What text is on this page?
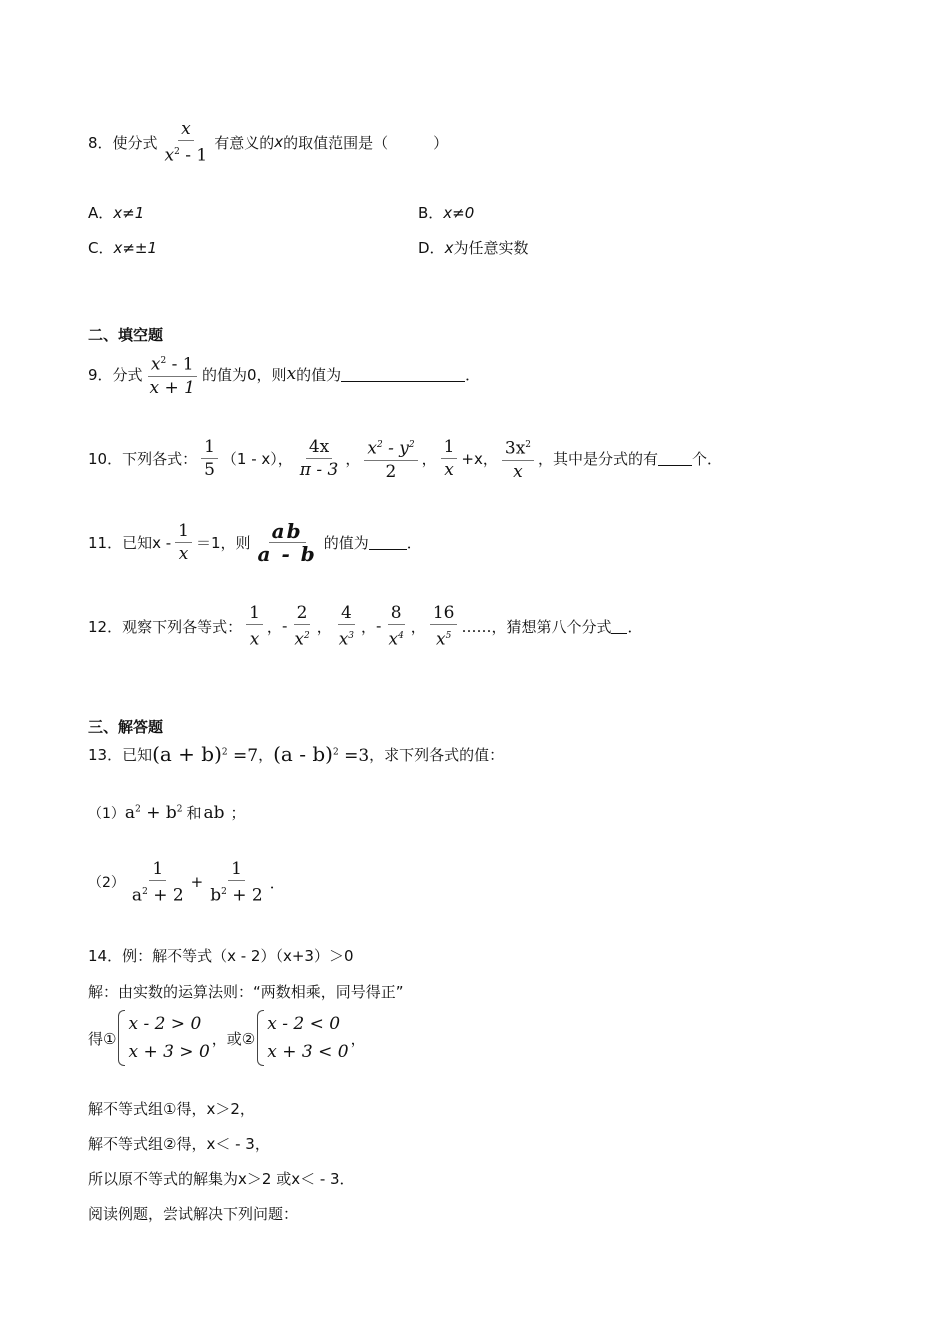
8．使分式 $\frac{x}{x^2 - 1}$ 有意义的 x 的取值范围是（　　　）
A．x≠1	B．x≠0
C．x≠±1	D．x为任意实数
二、填空题
9．分式 $\frac{x^2 - 1}{x + 1}$ 的值为0，则 x 的值为	．
10．下列各式： $\frac{1}{5} (1 - x)$， $\frac{4x}{\pi - 3}$ ， $\frac{x^2 - y^2}{2}$ ， $\frac{1}{x} +x$， $\frac{3x^2}{x}$ ，其中是分式的有 个．
11．已知 $x - \frac{1}{x} =1$，则 $\frac{ab}{a - b}$ 的值为	．
12．观察下列各等式： $\frac{1}{x}$ ， - $\frac{2}{x^2}$ ， $\frac{4}{x^3}$ ， - $\frac{8}{x^4}$ ， $\frac{16}{x^5}$ ……， 猜想第八个分式 ．
三、解答题
13．已知 $(a + b)^2 =7$ ， (a - b)$^2$ =3 ，求下列各式的值：
（1） $a^2 + b^2$ 和 ab ；
$(2) \frac{1}{a^2 + 2} + \frac{1}{b^2 + 2}$ ．
14．例：解不等式（x - 2）（x+3）＞0
解：由实数的运算法则：“两数相乘，同号得正”
得①
x - 2 > 0
x + 3 > 0
，或②
x - 2 < 0
x + 3 < 0
，
解不等式组①得，x＞2，
解不等式组②得，x＜ - 3，
所以原不等式的解集为x＞2 或x＜ - 3．
阅读例题，尝试解决下列问题：
